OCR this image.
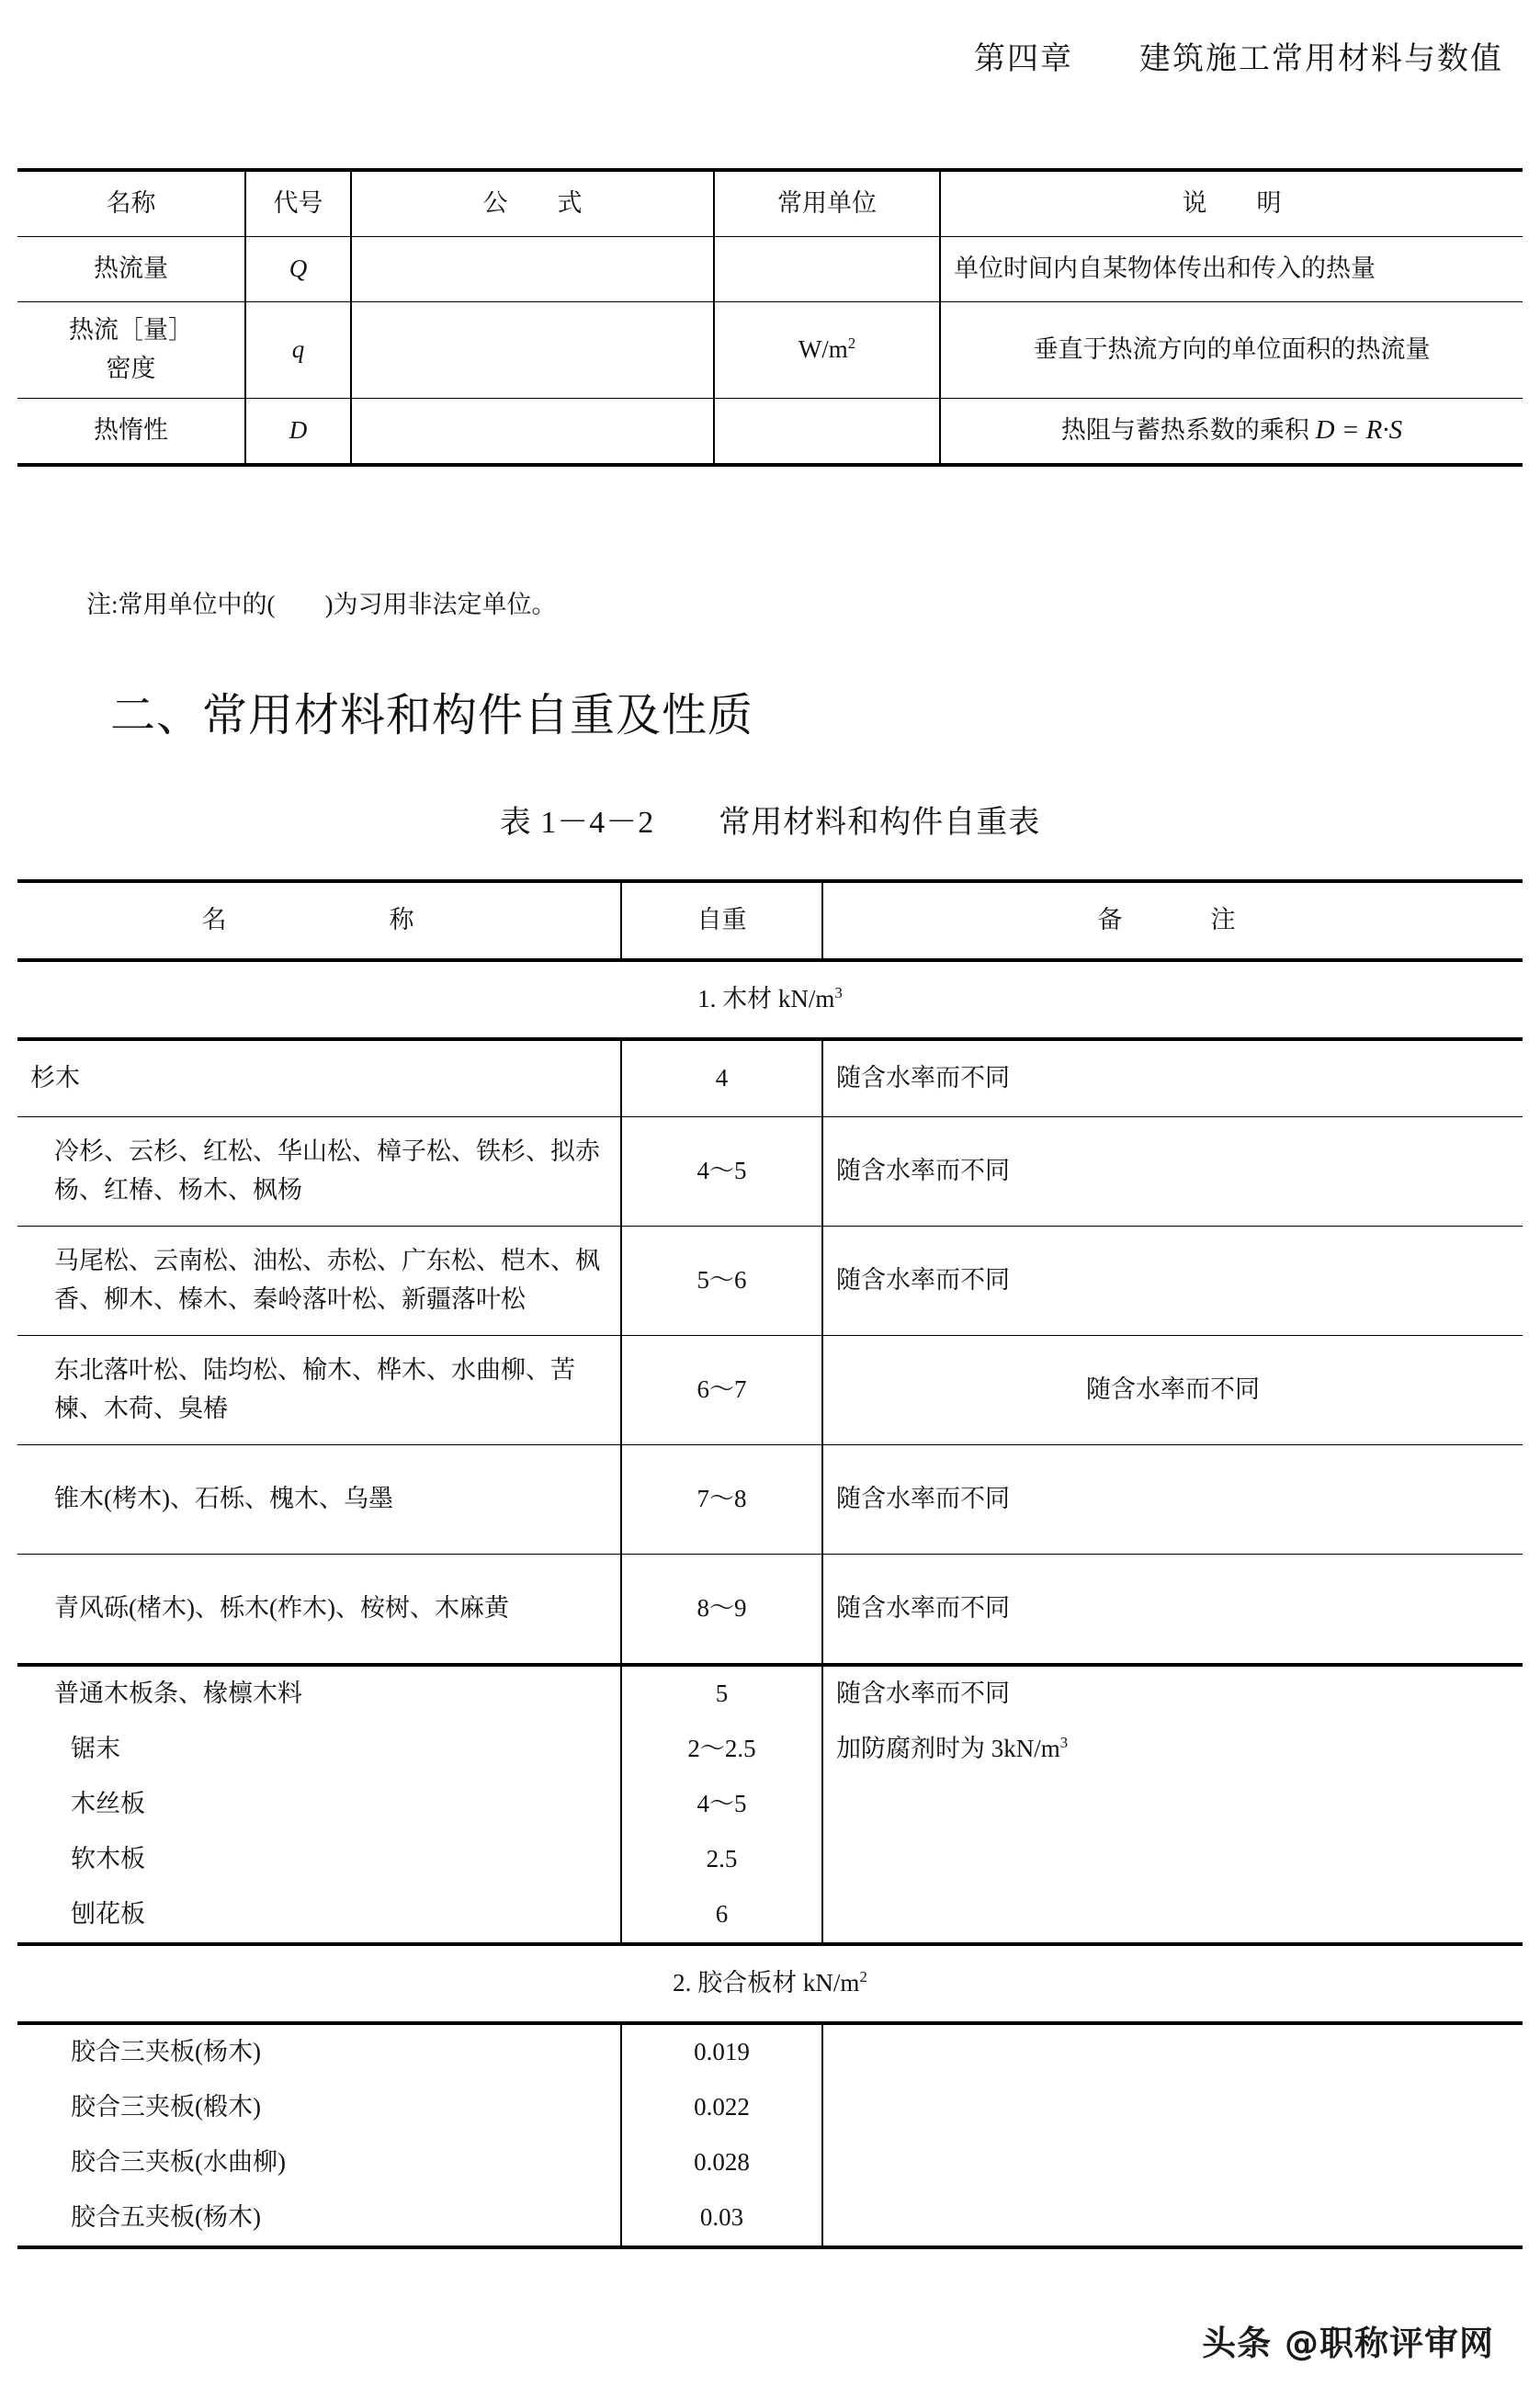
第四章　　建筑施工常用材料与数值
名称	代号	公　　式	常用单位	说　　明
热流量	Q			单位时间内自某物体传出和传入的热量
热流［量］
密度	q		$W/m^2$	垂直于热流方向的单位面积的热流量
热惰性	D			热阻与蓄热系数的乘积 D = R·S
注:常用单位中的(　　)为习用非法定单位。
二、常用材料和构件自重及性质
表 1－4－2　　常用材料和构件自重表
名　　　称	自重	备　　注
1. 木材 $kN/m^3$
杉木	4	随含水率而不同
冷杉、云杉、红松、华山松、樟子松、铁杉、拟赤杨、红椿、杨木、枫杨	4～5	随含水率而不同
马尾松、云南松、油松、赤松、广东松、桤木、枫香、柳木、榛木、秦岭落叶松、新疆落叶松	5～6	随含水率而不同
东北落叶松、陆均松、榆木、桦木、水曲柳、苦楝、木荷、臭椿	6～7	随含水率而不同
锥木(栲木)、石栎、槐木、乌墨	7～8	随含水率而不同
青风砾(楮木)、栎木(柞木)、桉树、木麻黄	8～9	随含水率而不同
普通木板条、椽檩木料	5	随含水率而不同
锯末	2～2.5	加防腐剂时为 $3kN/m^3$
木丝板	4～5	
软木板	2.5	
刨花板	6	
2. 胶合板材 $kN/m^2$
胶合三夹板(杨木)	0.019	
胶合三夹板(椴木)	0.022	
胶合三夹板(水曲柳)	0.028	
胶合五夹板(杨木)	0.03	
头条 @职称评审网
